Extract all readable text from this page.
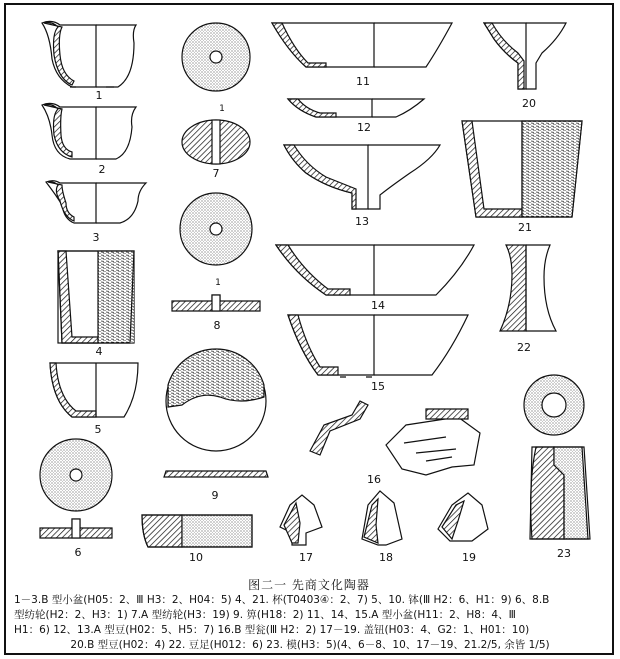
1
2
3
4
5
6
7
8
9
10
11
12
13
14
15
16
17	18	19
20
21
22
23
1
1
图二一 先商文化陶器
1－3.B 型小盆(H05：2、Ⅲ H3：2、H04：5) 4、21. 杯(T0403④：2、7) 5、10. 钵(Ⅲ H2：6、H1：9) 6、8.B
型纺轮(H2：2、H3：1) 7.A 型纺轮(H3：19) 9. 箅(H18：2) 11、14、15.A 型小盆(H11：2、H8：4、Ⅲ
H1：6) 12、13.A 型豆(H02：5、H5：7) 16.B 型瓮(Ⅲ H2：2) 17－19. 盖钮(H03：4、G2：1、H01：10)
20.B 型豆(H02：4) 22. 豆足(H012：6) 23. 模(H3：5)(4、6－8、10、17－19、21.2/5, 余皆 1/5)
